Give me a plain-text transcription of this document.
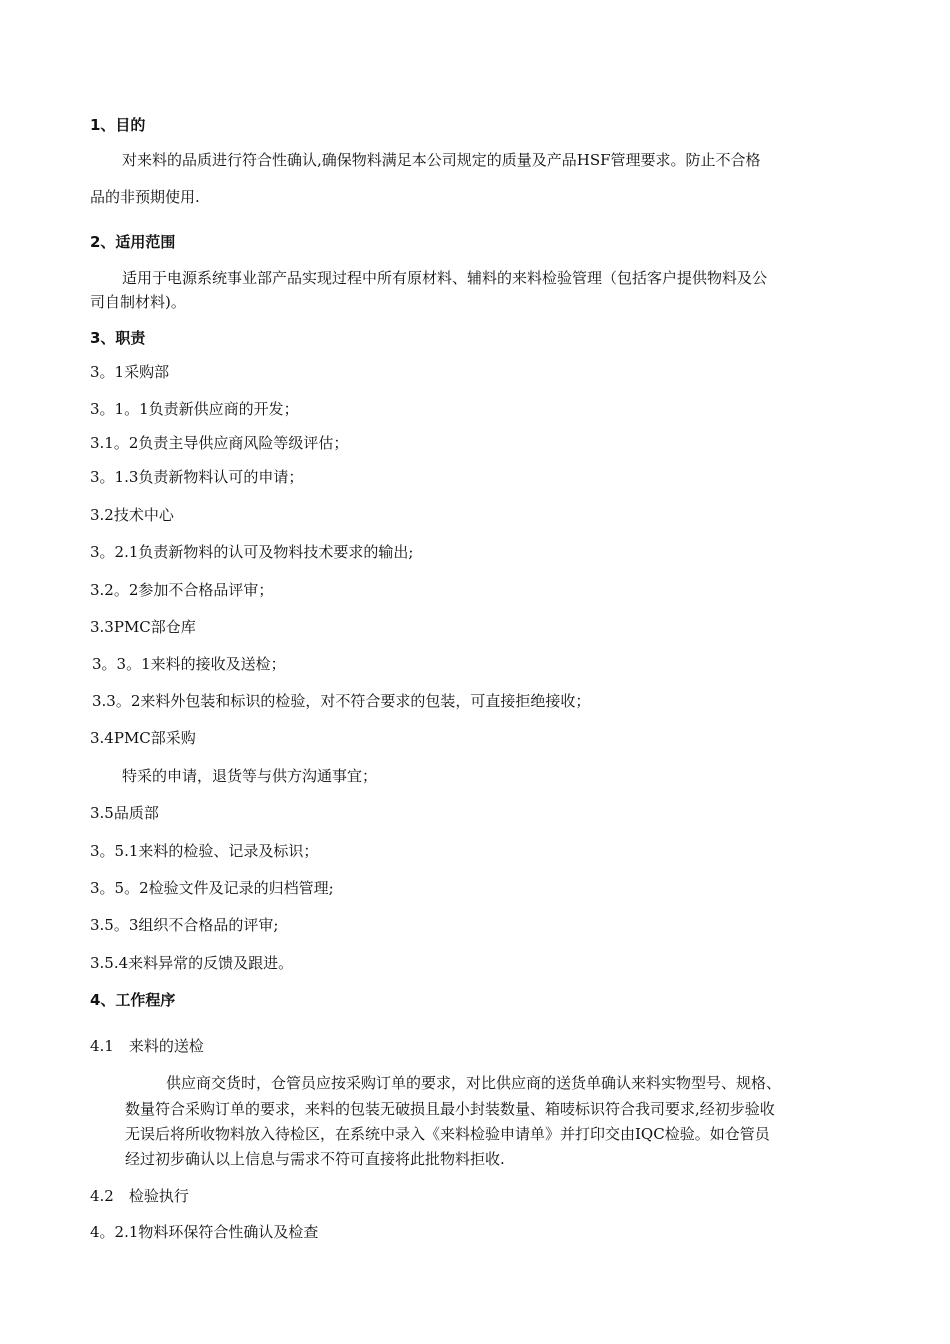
1、目的
对来料的品质进行符合性确认,确保物料满足本公司规定的质量及产品HSF管理要求。防止不合格
品的非预期使用.
2、适用范围
适用于电源系统事业部产品实现过程中所有原材料、辅料的来料检验管理（包括客户提供物料及公
司自制材料)。
3、职责
3。1采购部
3。1。1负责新供应商的开发；
3.1。2负责主导供应商风险等级评估；
3。1.3负责新物料认可的申请；
3.2技术中心
3。2.1负责新物料的认可及物料技术要求的输出;
3.2。2参加不合格品评审；
3.3PMC部仓库
3。3。1来料的接收及送检；
3.3。2来料外包装和标识的检验，对不符合要求的包装，可直接拒绝接收；
3.4PMC部采购
特采的申请，退货等与供方沟通事宜；
3.5品质部
3。5.1来料的检验、记录及标识；
3。5。2检验文件及记录的归档管理;
3.5。3组织不合格品的评审;
3.5.4来料异常的反馈及跟进。
4、工作程序
4.1　来料的送检
供应商交货时，仓管员应按采购订单的要求，对比供应商的送货单确认来料实物型号、规格、
数量符合采购订单的要求，来料的包装无破损且最小封装数量、箱唛标识符合我司要求,经初步验收
无误后将所收物料放入待检区，在系统中录入《来料检验申请单》并打印交由IQC检验。如仓管员
经过初步确认以上信息与需求不符可直接将此批物料拒收.
4.2　检验执行
4。2.1物料环保符合性确认及检查
